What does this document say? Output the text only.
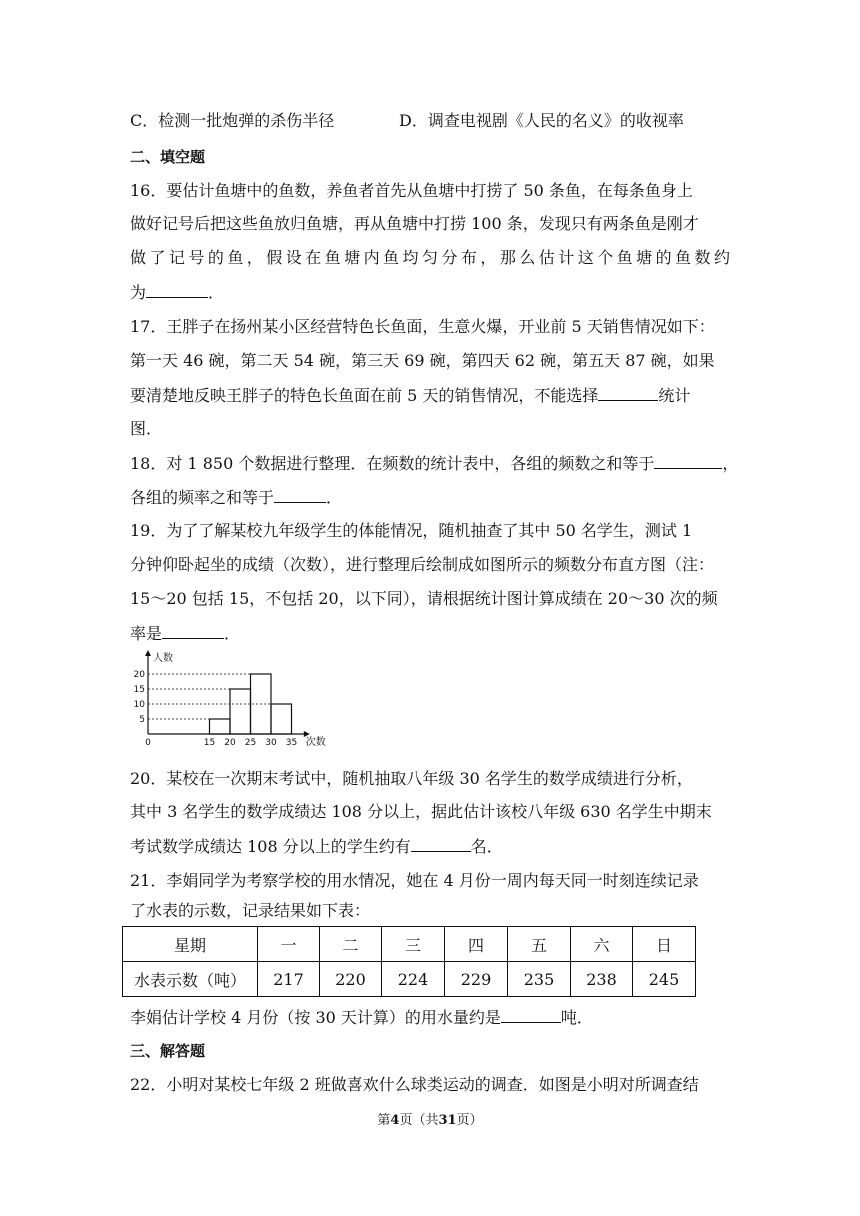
C．检测一批炮弹的杀伤半径	D．调查电视剧《人民的名义》的收视率
二、填空题
16．要估计鱼塘中的鱼数，养鱼者首先从鱼塘中打捞了 50 条鱼，在每条鱼身上
做好记号后把这些鱼放归鱼塘，再从鱼塘中打捞 100 条，发现只有两条鱼是刚才
做了记号的鱼，假设在鱼塘内鱼均匀分布，那么估计这个鱼塘的鱼数约
为	．
17．王胖子在扬州某小区经营特色长鱼面，生意火爆，开业前 5 天销售情况如下：
第一天 46 碗，第二天 54 碗，第三天 69 碗，第四天 62 碗，第五天 87 碗，如果
要清楚地反映王胖子的特色长鱼面在前 5 天的销售情况，不能选择	统计
图．
18．对 1 850 个数据进行整理．在频数的统计表中，各组的频数之和等于	，
各组的频率之和等于	．
19．为了了解某校九年级学生的体能情况，随机抽查了其中 50 名学生，测试 1
分钟仰卧起坐的成绩（次数），进行整理后绘制成如图所示的频数分布直方图（注：
15～20 包括 15，不包括 20，以下同），请根据统计图计算成绩在 20～30 次的频
率是	．
5
10
15
20
0	15 20 25 30 35
人数
次数
20．某校在一次期末考试中，随机抽取八年级 30 名学生的数学成绩进行分析，
其中 3 名学生的数学成绩达 108 分以上，据此估计该校八年级 630 名学生中期末
考试数学成绩达 108 分以上的学生约有	名．
21．李娟同学为考察学校的用水情况，她在 4 月份一周内每天同一时刻连续记录
了水表的示数，记录结果如下表：
星期	一	二	三	四	五	六	日
水表示数（吨）	217	220	224	229	235	238	245
李娟估计学校 4 月份（按 30 天计算）的用水量约是	吨．
三、解答题
22．小明对某校七年级 2 班做喜欢什么球类运动的调查．如图是小明对所调查结
第4页（共31页）
